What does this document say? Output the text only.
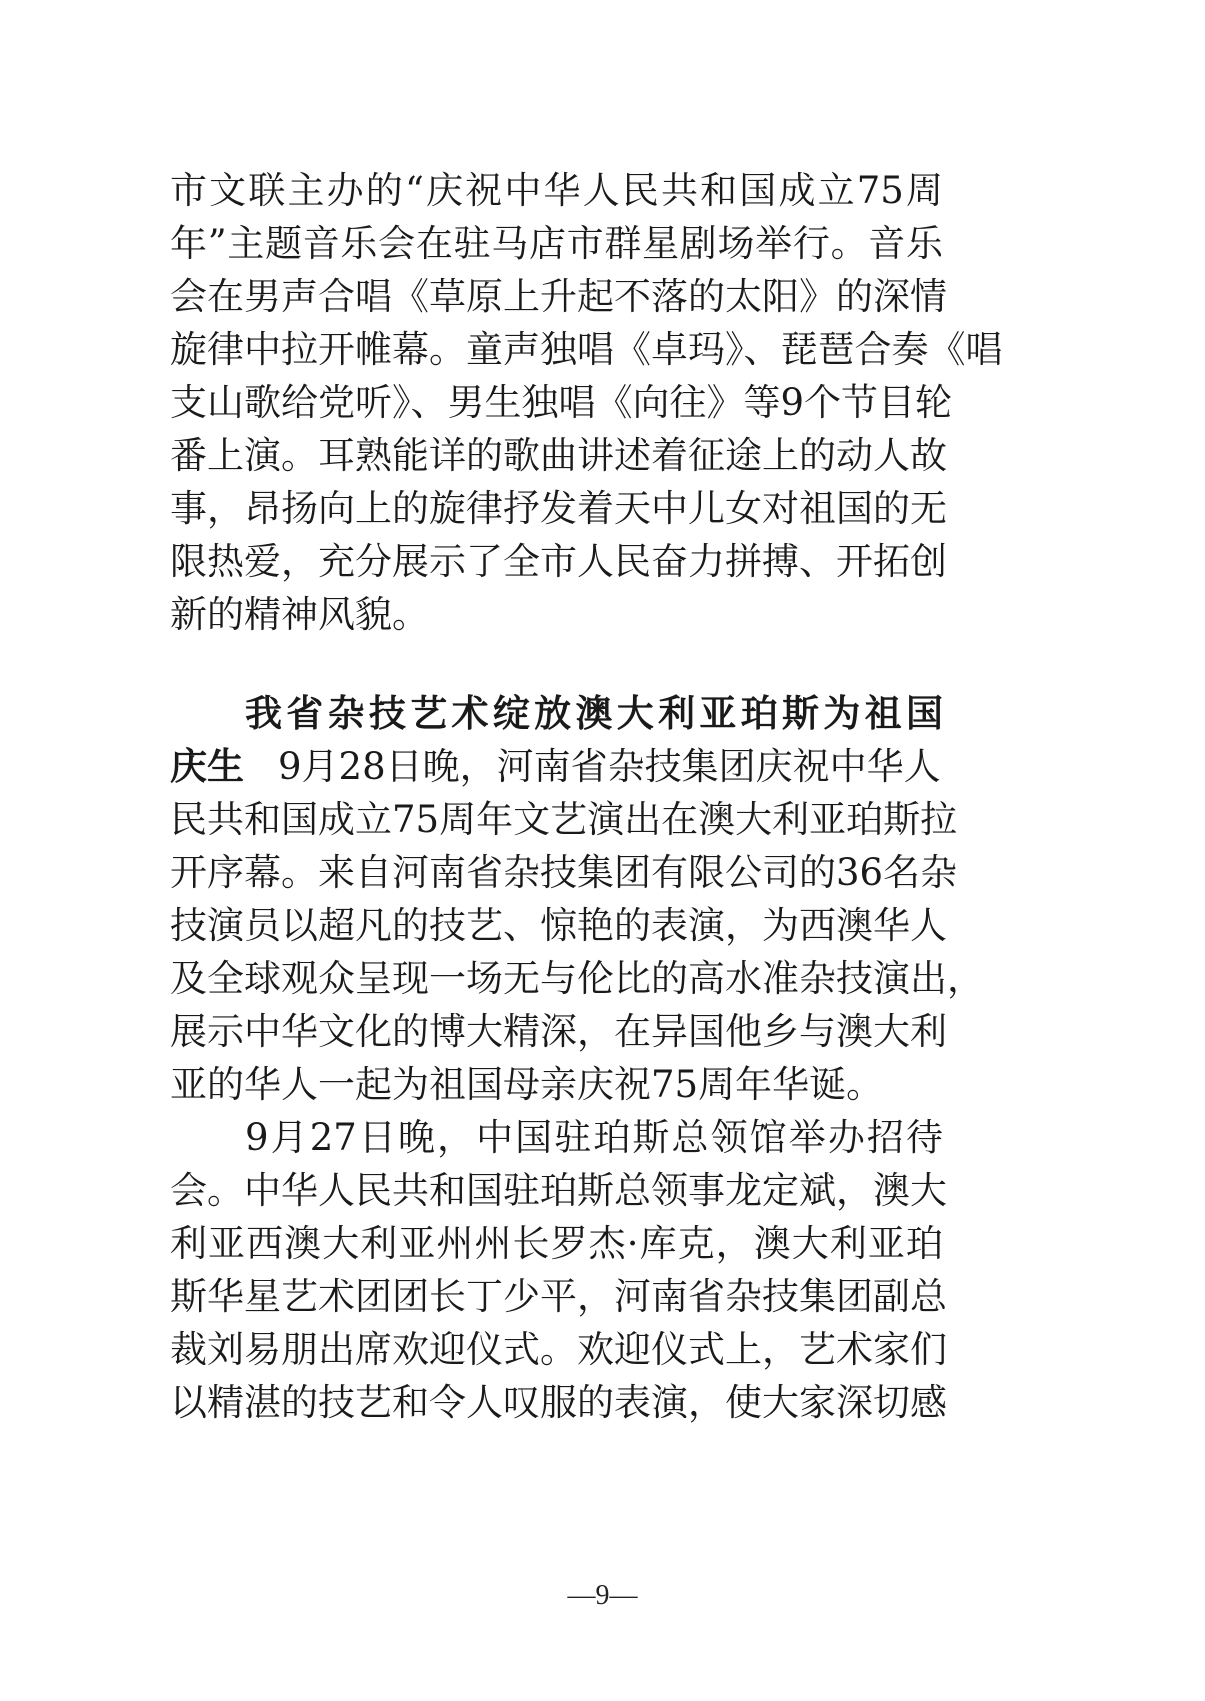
市文联主办的“庆祝中华人民共和国成立75周
年”主题音乐会在驻马店市群星剧场举行。音乐
会在男声合唱《草原上升起不落的太阳》的深情
旋律中拉开帷幕。童声独唱《卓玛》、琵琶合奏《唱
支山歌给党听》、男生独唱《向往》等9个节目轮
番上演。耳熟能详的歌曲讲述着征途上的动人故
事，昂扬向上的旋律抒发着天中儿女对祖国的无
限热爱，充分展示了全市人民奋力拼搏、开拓创
新的精神风貌。
我省杂技艺术绽放澳大利亚珀斯为祖国
庆生 9月28日晚，河南省杂技集团庆祝中华人
民共和国成立75周年文艺演出在澳大利亚珀斯拉
开序幕。来自河南省杂技集团有限公司的36名杂
技演员以超凡的技艺、惊艳的表演，为西澳华人
及全球观众呈现一场无与伦比的高水准杂技演出，
展示中华文化的博大精深，在异国他乡与澳大利
亚的华人一起为祖国母亲庆祝75周年华诞。
9月27日晚，中国驻珀斯总领馆举办招待
会。中华人民共和国驻珀斯总领事龙定斌，澳大
利亚西澳大利亚州州长罗杰·库克，澳大利亚珀
斯华星艺术团团长丁少平，河南省杂技集团副总
裁刘易朋出席欢迎仪式。欢迎仪式上，艺术家们
以精湛的技艺和令人叹服的表演，使大家深切感
—9—
